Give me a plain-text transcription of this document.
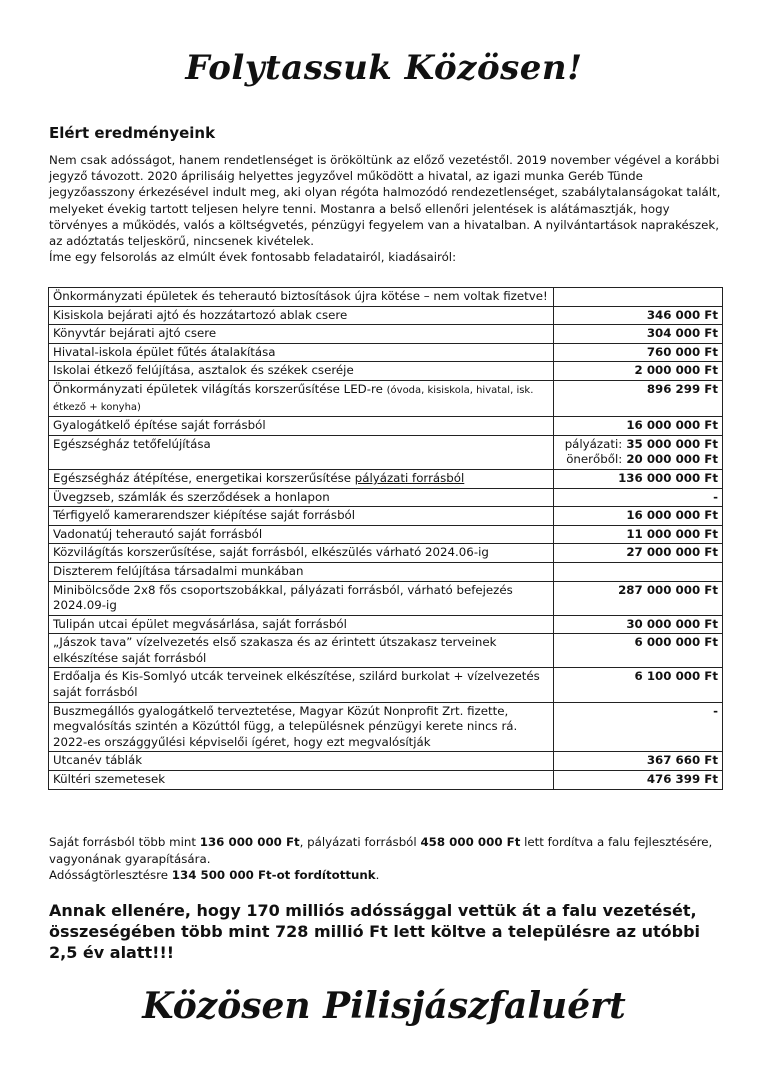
Folytassuk Közösen!
Elért eredményeink

Nem csak adósságot, hanem rendetlenséget is örököltünk az előző vezetéstől. 2019 november végével a korábbi jegyző távozott. 2020 áprilisáig helyettes jegyzővel működött a hivatal, az igazi munka Geréb Tünde jegyzőasszony érkezésével indult meg, aki olyan régóta halmozódó rendezetlenséget, szabálytalanságokat talált, melyeket évekig tartott teljesen helyre tenni. Mostanra a belső ellenőri jelentések is alátámasztják, hogy törvényes a működés, valós a költségvetés, pénzügyi fegyelem van a hivatalban. A nyilvántartások naprakészek, az adóztatás teljeskörű, nincsenek kivételek.

Íme egy felsorolás az elmúlt évek fontosabb feladatairól, kiadásairól:

Önkormányzati épületek és teherautó biztosítások újra kötése – nem voltak fizetve!	
Kisiskola bejárati ajtó és hozzátartozó ablak csere	346 000 Ft
Könyvtár bejárati ajtó csere	304 000 Ft
Hivatal-iskola épület fűtés átalakítása	760 000 Ft
Iskolai étkező felújítása, asztalok és székek cseréje	2 000 000 Ft
Önkormányzati épületek világítás korszerűsítése LED-re (óvoda, kisiskola, hivatal, isk. étkező + konyha)	896 299 Ft
Gyalogátkelő építése saját forrásból	16 000 000 Ft
Egészségház tetőfelújítása	pályázati: 35 000 000 Ft
önerőből: 20 000 000 Ft

Egészségház átépítése, energetikai korszerűsítése pályázati forrásból	136 000 000 Ft
Üvegzseb, számlák és szerződések a honlapon	-
Térfigyelő kamerarendszer kiépítése saját forrásból	16 000 000 Ft
Vadonatúj teherautó saját forrásból	11 000 000 Ft
Közvilágítás korszerűsítése, saját forrásból, elkészülés várható 2024.06-ig	27 000 000 Ft
Diszterem felújítása társadalmi munkában	
Minibölcsőde 2x8 fős csoportszobákkal, pályázati forrásból, várható befejezés 2024.09-ig	287 000 000 Ft
Tulipán utcai épület megvásárlása, saját forrásból	30 000 000 Ft
„Jászok tava” vízelvezetés első szakasza és az érintett útszakasz terveinek elkészítése saját forrásból	6 000 000 Ft
Erdőalja és Kis-Somlyó utcák terveinek elkészítése, szilárd burkolat + vízelvezetés saját forrásból	6 100 000 Ft
Buszmegállós gyalogátkelő terveztetése, Magyar Közút Nonprofit Zrt. fizette, megvalósítás szintén a Közúttól függ, a településnek pénzügyi kerete nincs rá. 2022-es országgyűlési képviselői ígéret, hogy ezt megvalósítják	-
Utcanév táblák	367 660 Ft
Kültéri szemetesek	476 399 Ft

Saját forrásból több mint 136 000 000 Ft, pályázati forrásból 458 000 000 Ft lett fordítva a falu fejlesztésére, vagyonának gyarapítására.

Adósságtörlesztésre 134 500 000 Ft-ot fordítottunk.

Annak ellenére, hogy 170 milliós adóssággal vettük át a falu vezetését, összeségében több mint 728 millió Ft lett költve a településre az utóbbi 2,5 év alatt!!!
Közösen Pilisjászfaluért
